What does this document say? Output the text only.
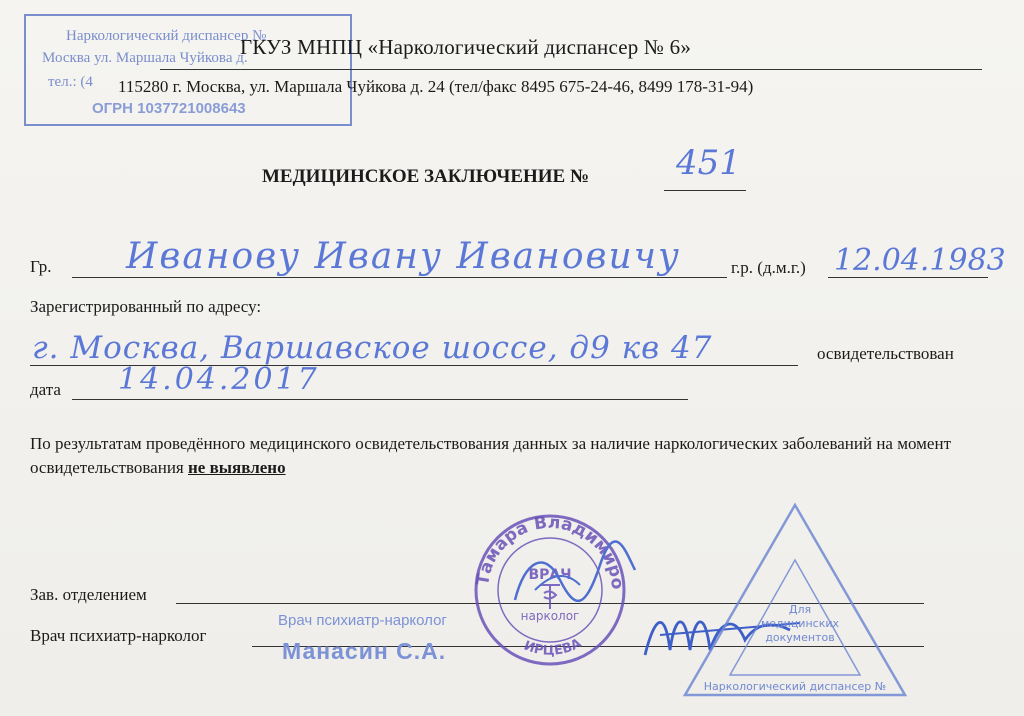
Наркологический диспансер №
Москва ул. Маршала Чуйкова д.
тел.: (4
ОГРН 1037721008643
ГКУЗ МНПЦ «Наркологический диспансер № 6»
115280 г. Москва, ул. Маршала Чуйкова д. 24 (тел/факс 8495 675-24-46, 8499 178-31-94)
МЕДИЦИНСКОЕ ЗАКЛЮЧЕНИЕ №	451
Гр. Иванову Ивану Ивановичу	г.р. (д.м.г.) 12.04.1983
Зарегистрированный по адресу:
г. Москва, Варшавское шоссе, д9 кв 47	освидетельствован
дата 14.04.2017
По результатам проведённого медицинского освидетельствования данных за наличие наркологических заболеваний на момент освидетельствования не выявлено
Зав. отделением
Врач психиатр-нарколог
Врач психиатр-нарколог
Манасин С.А.
Тамара Владимировна
ИРЦЕВА
ВРАЧ
нарколог	Для
медицинских
документов
Наркологический диспансер №
